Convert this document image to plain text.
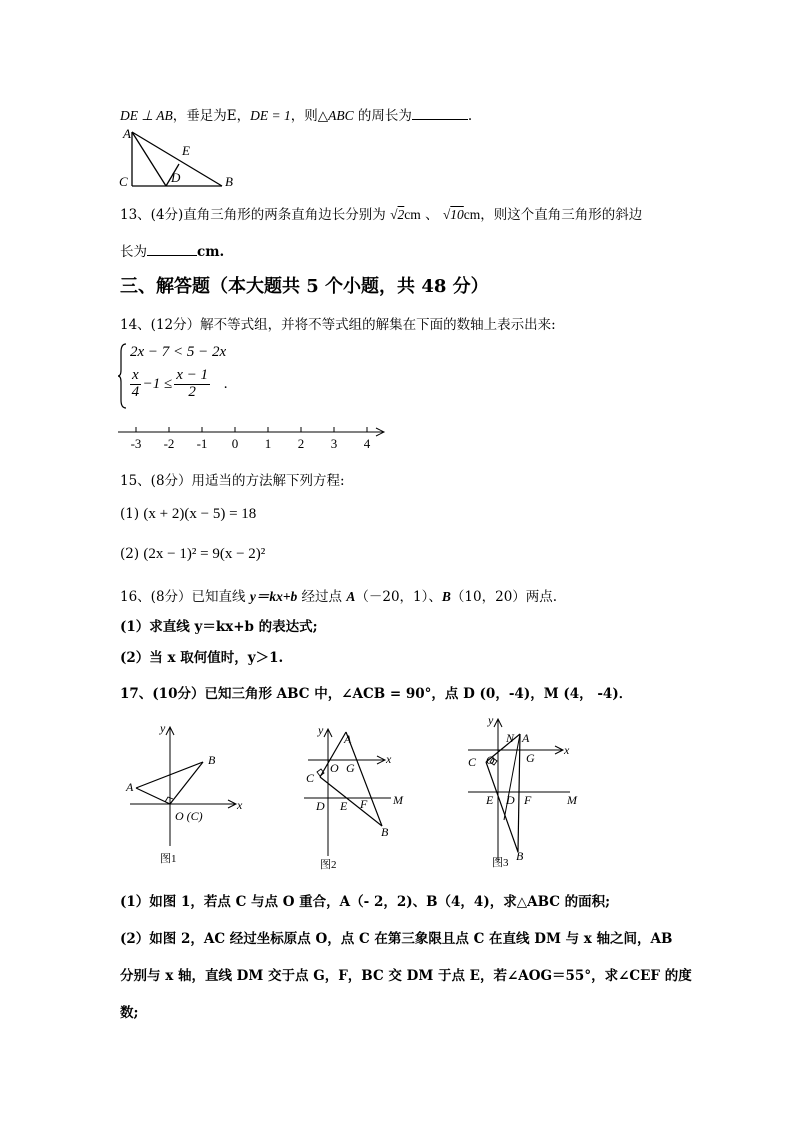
DE ⊥ AB，垂足为E，DE = 1，则△ABC 的周长为	.
A
E
C	D	B
13、(4分)直角三角形的两条直角边长分别为 √2cm 、 √10cm，则这个直角三角形的斜边
长为	cm.
三、解答题（本大题共 5 个小题，共 48 分）
14、(12分）解不等式组，并将不等式组的解集在下面的数轴上表示出来:
2x − 7 < 5 − 2x
$\frac{x}{4} -1 \le \frac{x - 1}{2}$ .
-3 -2 -1 0 1 2 3 4
15、(8分）用适当的方法解下列方程:
(1) (x + 2)(x − 5) = 18
(2) (2x − 1)² = 9(x − 2)²
16、(8分）已知直线 y＝kx+b 经过点 A（－20，1）、B（10，20）两点.
(1）求直线 y＝kx+b 的表达式;
(2）当 x 取何值时，y＞1.
17、(10分）已知三角形 ABC 中，∠ACB = 90°，点 D (0，-4)，M (4， -4)．
y
x
A
B
O (C)
图1
y
x
A
C
O G
D E F M
B
图2
y
x
N A
C O	G
E D F	M
B
图3
(1）如图 1，若点 C 与点 O 重合，A（- 2，2)、B（4，4)，求△ABC 的面积;
(2）如图 2，AC 经过坐标原点 O，点 C 在第三象限且点 C 在直线 DM 与 x 轴之间，AB
分别与 x 轴，直线 DM 交于点 G，F，BC 交 DM 于点 E，若∠AOG＝55°，求∠CEF 的度
数;
